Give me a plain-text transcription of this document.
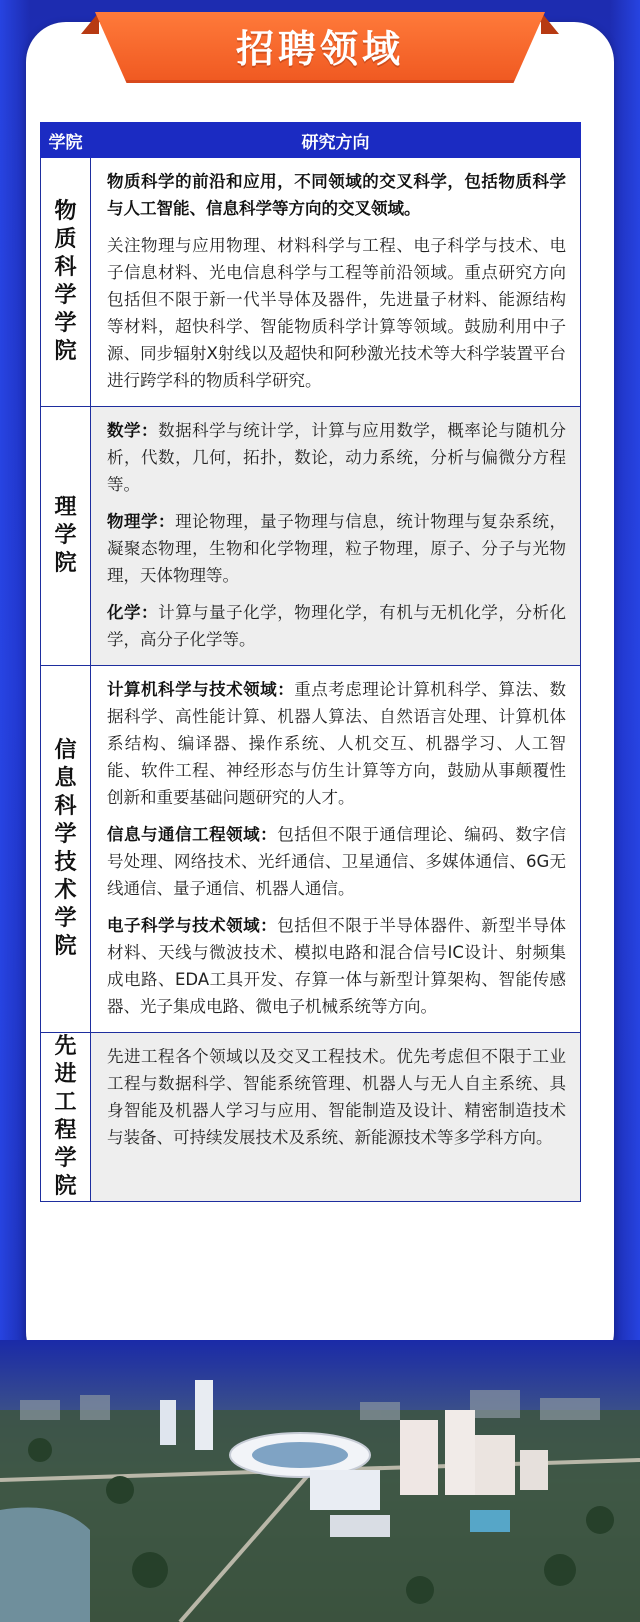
招聘领域
学院	研究方向
物质科学学院	物质科学的前沿和应用，不同领域的交叉科学，包括物质科学与人工智能、信息科学等方向的交叉领域。

关注物理与应用物理、材料科学与工程、电子科学与技术、电子信息材料、光电信息科学与工程等前沿领域。重点研究方向包括但不限于新一代半导体及器件，先进量子材料、能源结构等材料，超快科学、智能物质科学计算等领域。鼓励利用中子源、同步辐射X射线以及超快和阿秒激光技术等大科学装置平台进行跨学科的物质科学研究。

理学院	数学：数据科学与统计学，计算与应用数学，概率论与随机分析，代数，几何，拓扑，数论，动力系统，分析与偏微分方程等。

物理学：理论物理，量子物理与信息，统计物理与复杂系统，凝聚态物理，生物和化学物理，粒子物理，原子、分子与光物理，天体物理等。

化学：计算与量子化学，物理化学，有机与无机化学，分析化学，高分子化学等。

信息科学技术学院	计算机科学与技术领域：重点考虑理论计算机科学、算法、数据科学、高性能计算、机器人算法、自然语言处理、计算机体系结构、编译器、操作系统、人机交互、机器学习、人工智能、软件工程、神经形态与仿生计算等方向，鼓励从事颠覆性创新和重要基础问题研究的人才。

信息与通信工程领域：包括但不限于通信理论、编码、数字信号处理、网络技术、光纤通信、卫星通信、多媒体通信、6G无线通信、量子通信、机器人通信。

电子科学与技术领域：包括但不限于半导体器件、新型半导体材料、天线与微波技术、模拟电路和混合信号IC设计、射频集成电路、EDA工具开发、存算一体与新型计算架构、智能传感器、光子集成电路、微电子机械系统等方向。

先进工程学院	先进工程各个领域以及交叉工程技术。优先考虑但不限于工业工程与数据科学、智能系统管理、机器人与无人自主系统、具身智能及机器人学习与应用、智能制造及设计、精密制造技术与装备、可持续发展技术及系统、新能源技术等多学科方向。
